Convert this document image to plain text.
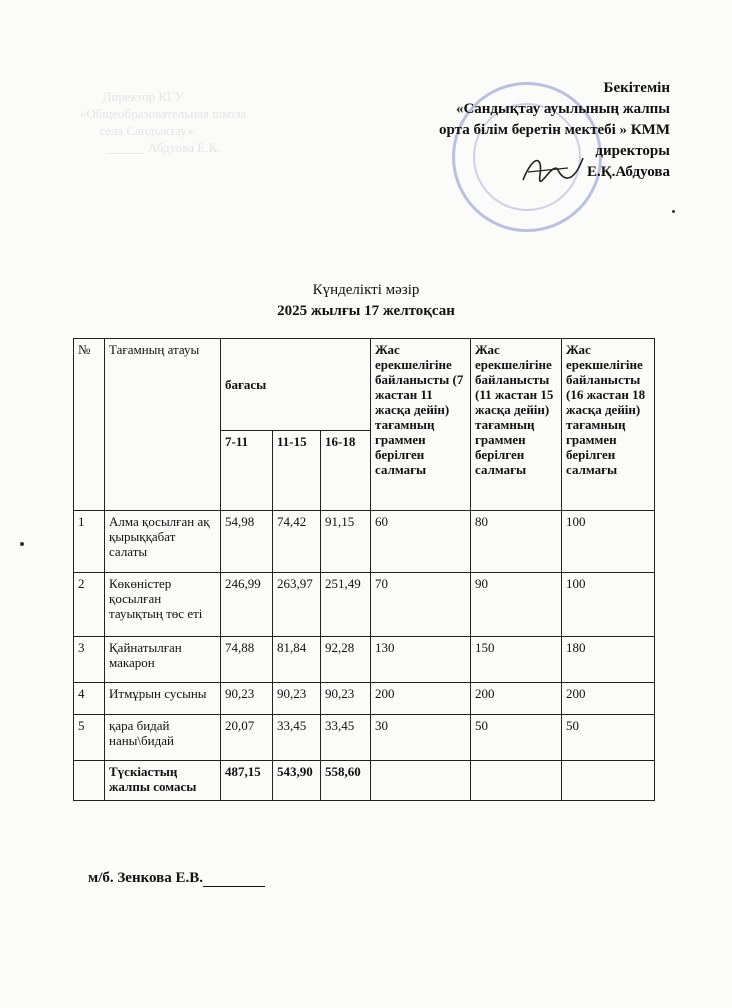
Директор КГУ
«Общеобразовательная школа
села Сандыктау»
______ Абдуова Е.К.
Бекітемін
«Сандықтау ауылының жалпы
орта білім беретін мектебі » КММ
директоры
Е.Қ.Абдуова
Күнделікті мәзір
2025 жылғы 17 желтоқсан
№	Тағамның атауы	бағасы			Жас ерекшелігіне байланысты (7 жастан 11 жасқа дейін) тағамның граммен берілген салмағы	Жас ерекшелігіне байланысты (11 жастан 15 жасқа дейін) тағамның граммен берілген салмағы	Жас ерекшелігіне байланысты (16 жастан 18 жасқа дейін) тағамның граммен берілген салмағы
		7-11	11-15	16-18			
1	Алма қосылған ақ қырыққабат салаты	54,98	74,42	91,15	60	80	100
2	Көкөністер қосылған тауықтың төс еті	246,99	263,97	251,49	70	90	100
3	Қайнатылған макарон	74,88	81,84	92,28	130	150	180
4	Итмұрын сусыны	90,23	90,23	90,23	200	200	200
5	қара бидай наны\бидай	20,07	33,45	33,45	30	50	50
	Түскіастың жалпы сомасы	487,15	543,90	558,60			
м/б. Зенкова Е.В.
